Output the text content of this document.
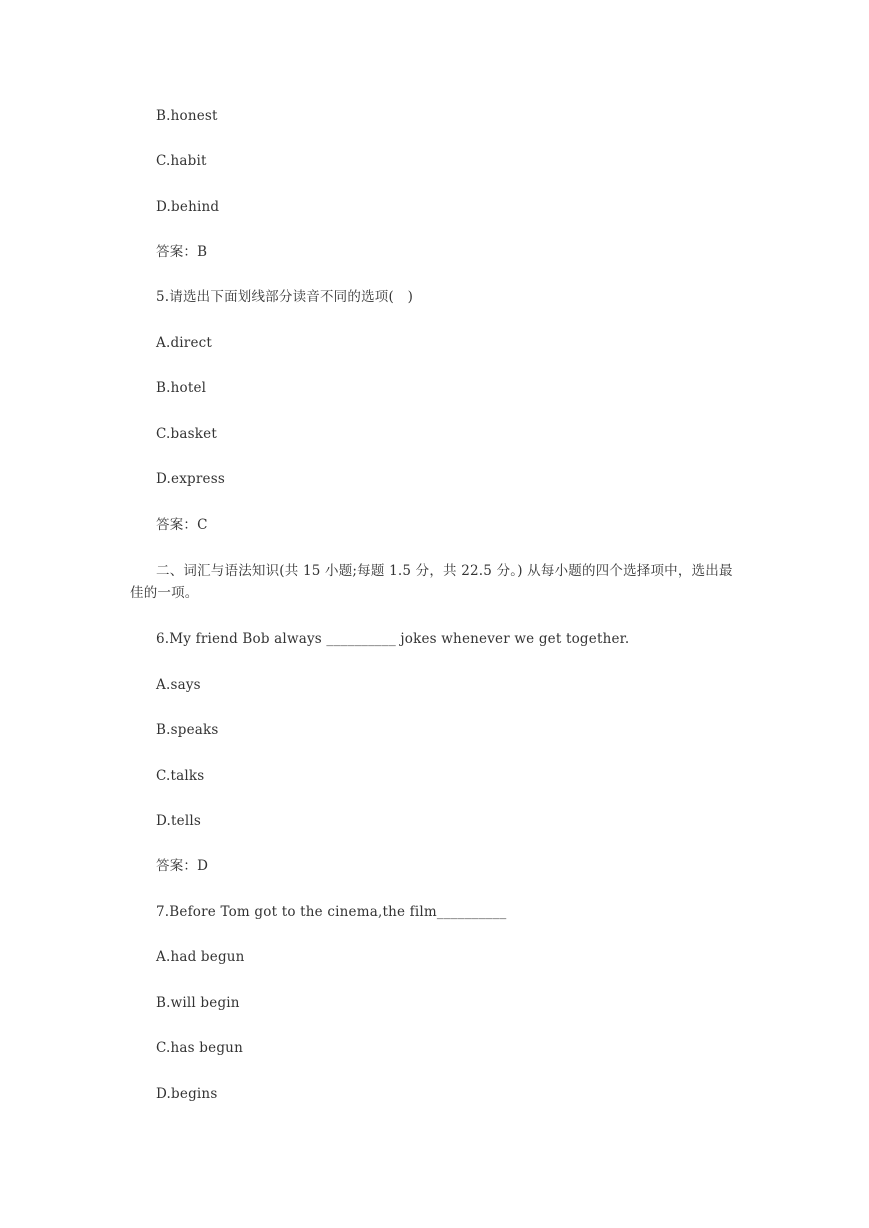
B.honest
C.habit
D.behind
答案：B
5.请选出下面划线部分读音不同的选项(　)
A.direct
B.hotel
C.basket
D.express
答案：C
二、词汇与语法知识(共 15 小题;每题 1.5 分，共 22.5 分。) 从每小题的四个选择项中，选出最佳的一项。
6.My friend Bob always __________ jokes whenever we get together.
A.says
B.speaks
C.talks
D.tells
答案：D
7.Before Tom got to the cinema,the film__________
A.had begun
B.will begin
C.has begun
D.begins
